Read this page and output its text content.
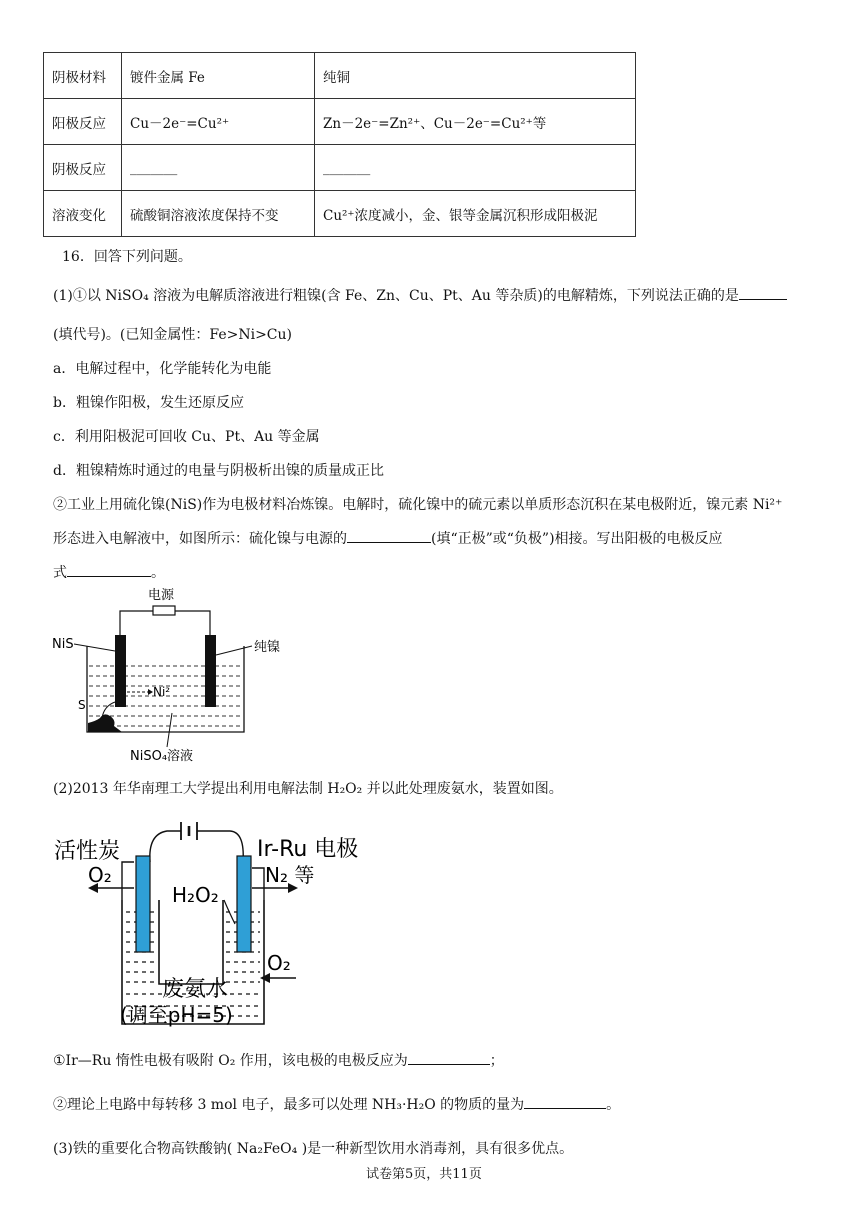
阴极材料	镀件金属 Fe	纯铜
阳极反应	Cu－2e⁻=Cu²⁺	Zn－2e⁻=Zn²⁺、Cu－2e⁻=Cu²⁺等
阴极反应	_______	_______
溶液变化	硫酸铜溶液浓度保持不变	Cu²⁺浓度减小，金、银等金属沉积形成阳极泥
16．回答下列问题。
(1)①以 NiSO₄ 溶液为电解质溶液进行粗镍(含 Fe、Zn、Cu、Pt、Au 等杂质)的电解精炼，下列说法正确的是
(填代号)。(已知金属性：Fe>Ni>Cu)
a．电解过程中，化学能转化为电能
b．粗镍作阳极，发生还原反应
c．利用阳极泥可回收 Cu、Pt、Au 等金属
d．粗镍精炼时通过的电量与阴极析出镍的质量成正比
②工业上用硫化镍(NiS)作为电极材料冶炼镍。电解时，硫化镍中的硫元素以单质形态沉积在某电极附近，镍元素 Ni²⁺
形态进入电解液中，如图所示：硫化镍与电源的	(填“正极”或“负极”)相接。写出阳极的电极反应
式	。
电源
Ni²
NiS	纯镍
S
NiSO₄溶液
(2)2013 年华南理工大学提出利用电解法制 H₂O₂ 并以此处理废氨水，装置如图。
活性炭	Ir-Ru 电极
O₂	N₂ 等
H₂O₂
O₂
废氨水
(调至pH=5)
①Ir—Ru 惰性电极有吸附 O₂ 作用，该电极的电极反应为	；
②理论上电路中每转移 3 mol 电子，最多可以处理 NH₃·H₂O 的物质的量为	。
(3)铁的重要化合物高铁酸钠( Na₂FeO₄ )是一种新型饮用水消毒剂，具有很多优点。
试卷第5页，共11页
